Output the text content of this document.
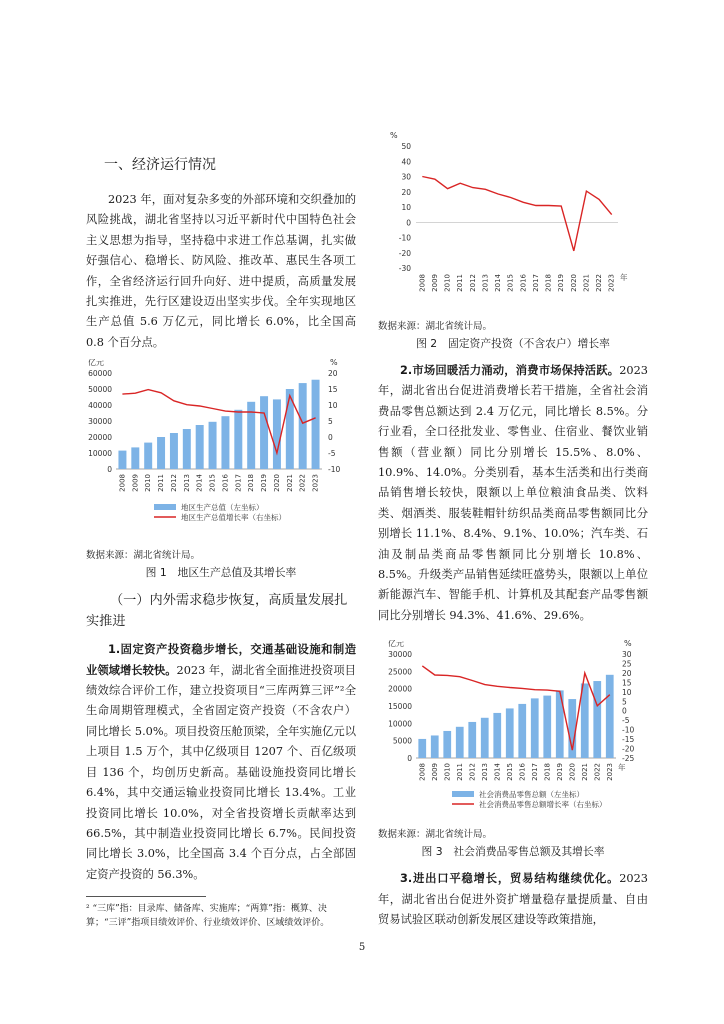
一、经济运行情况

2023 年，面对复杂多变的外部环境和交织叠加的风险挑战，湖北省坚持以习近平新时代中国特色社会主义思想为指导，坚持稳中求进工作总基调，扎实做好强信心、稳增长、防风险、推改革、惠民生各项工作，全省经济运行回升向好、进中提质，高质量发展扎实推进，先行区建设迈出坚实步伐。全年实现地区生产总值 5.6 万亿元，同比增长 6.0%，比全国高 0.8 个百分点。

亿元	%
60000
50000
40000
30000
20000
10000
0
20
15
10
5
0
-5
-10
2008 2009 2010 2011 2012 2013 2014 2015 2016 2017 2018 2019 2020 2021 2022 2023
地区生产总值（左坐标）
地区生产总值增长率（右坐标）

数据来源：湖北省统计局。

图 1　地区生产总值及其增长率

（一）内外需求稳步恢复，高质量发展扎实推进

1.固定资产投资稳步增长，交通基础设施和制造业领域增长较快。2023 年，湖北省全面推进投资项目绩效综合评价工作，建立投资项目“三库两算三评”²全生命周期管理模式，全省固定资产投资（不含农户）同比增长 5.0%。项目投资压舱顶梁，全年实施亿元以上项目 1.5 万个，其中亿级项目 1207 个、百亿级项目 136 个，均创历史新高。基础设施投资同比增长 6.4%，其中交通运输业投资同比增长 13.4%。工业投资同比增长 10.0%，对全省投资增长贡献率达到 66.5%，其中制造业投资同比增长 6.7%。民间投资同比增长 3.0%，比全国高 3.4 个百分点，占全部固定资产投资的 56.3%。

² “三库”指：目录库、储备库、实施库；“两算”指：概算、决算；“三评”指项目绩效评价、行业绩效评价、区域绩效评价。
%
50
40
30
20
10
0
-10
-20
-30
2008 2009 2010 2011 2012 2013 2014 2015 2016 2017 2018 2019 2020 2021 2022 2023 年

数据来源：湖北省统计局。

图 2　固定资产投资（不含农户）增长率

2.市场回暖活力涌动，消费市场保持活跃。2023 年，湖北省出台促进消费增长若干措施，全省社会消费品零售总额达到 2.4 万亿元，同比增长 8.5%。分行业看，全口径批发业、零售业、住宿业、餐饮业销售额（营业额）同比分别增长 15.5%、8.0%、10.9%、14.0%。分类别看，基本生活类和出行类商品销售增长较快，限额以上单位粮油食品类、饮料类、烟酒类、服装鞋帽针纺织品类商品零售额同比分别增长 11.1%、8.4%、9.1%、10.0%；汽车类、石油及制品类商品零售额同比分别增长 10.8%、8.5%。升级类产品销售延续旺盛势头，限额以上单位新能源汽车、智能手机、计算机及其配套产品零售额同比分别增长 94.3%、41.6%、29.6%。

亿元	%
30000
25000
20000
15000
10000
5000
0
30
25
20
15
10
5
0
-5
-10
-15
-20
-25
2008 2009 2010 2011 2012 2013 2014 2015 2016 2017 2018 2019 2020 2021 2022 2023 年
社会消费品零售总额（左坐标）
社会消费品零售总额增长率（右坐标）

数据来源：湖北省统计局。

图 3　社会消费品零售总额及其增长率

3.进出口平稳增长，贸易结构继续优化。2023 年，湖北省出台促进外资扩增量稳存量提质量、自由贸易试验区联动创新发展区建设等政策措施，

5
